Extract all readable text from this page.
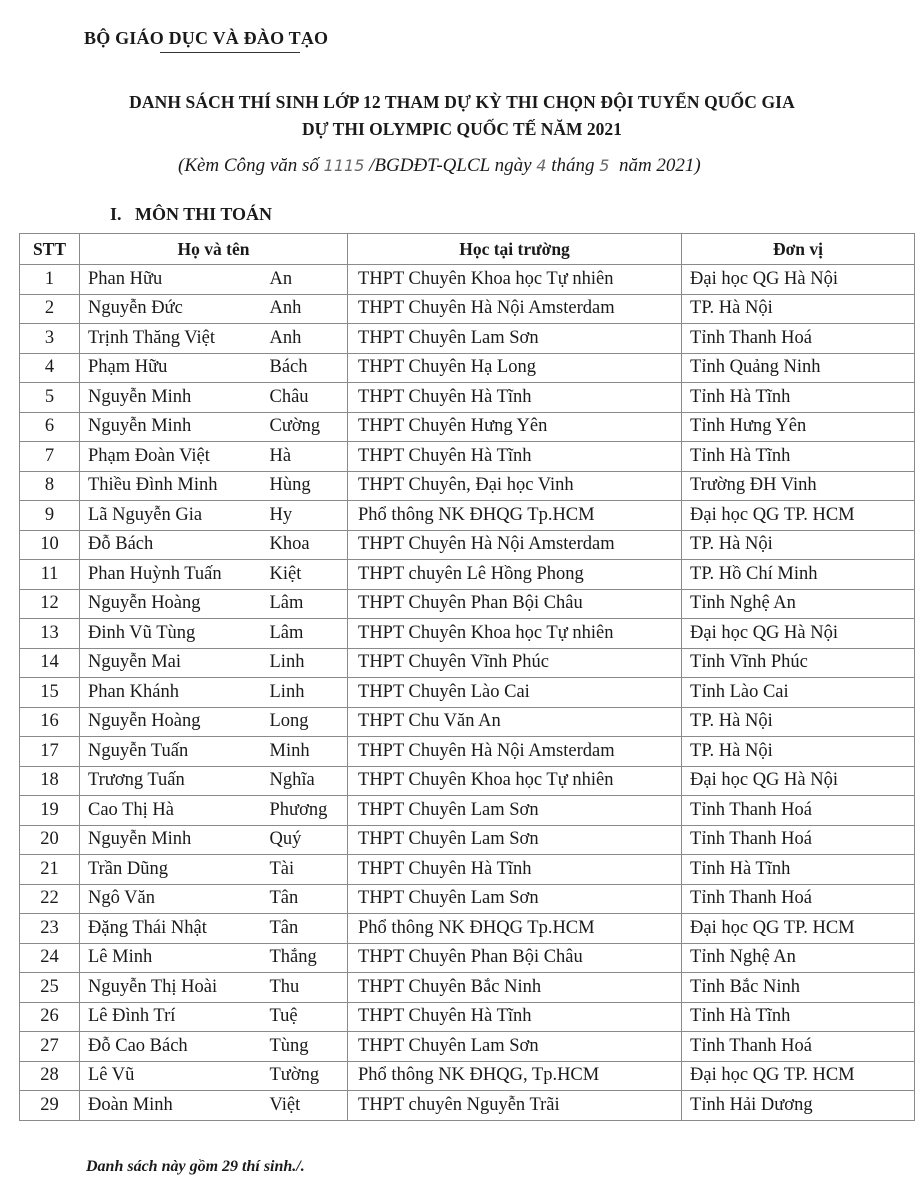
BỘ GIÁO DỤC VÀ ĐÀO TẠO
DANH SÁCH THÍ SINH LỚP 12 THAM DỰ KỲ THI CHỌN ĐỘI TUYỂN QUỐC GIA
DỰ THI OLYMPIC QUỐC TẾ NĂM 2021
(Kèm Công văn số 1115 /BGDĐT-QLCL ngày 4 tháng 5  năm 2021)
I.   MÔN THI TOÁN
STT	Họ và tên		Học tại trường	Đơn vị
1	Phan Hữu	An	THPT Chuyên Khoa học Tự nhiên	Đại học QG Hà Nội
2	Nguyễn Đức	Anh	THPT Chuyên Hà Nội Amsterdam	TP. Hà Nội
3	Trịnh Thăng Việt	Anh	THPT Chuyên Lam Sơn	Tỉnh Thanh Hoá
4	Phạm Hữu	Bách	THPT Chuyên Hạ Long	Tỉnh Quảng Ninh
5	Nguyễn Minh	Châu	THPT Chuyên Hà Tĩnh	Tỉnh Hà Tĩnh
6	Nguyễn Minh	Cường	THPT Chuyên Hưng Yên	Tỉnh Hưng Yên
7	Phạm Đoàn Việt	Hà	THPT Chuyên Hà Tĩnh	Tỉnh Hà Tĩnh
8	Thiều Đình Minh	Hùng	THPT Chuyên, Đại học Vinh	Trường ĐH Vinh
9	Lã Nguyễn Gia	Hy	Phổ thông NK ĐHQG Tp.HCM	Đại học QG TP. HCM
10	Đỗ Bách	Khoa	THPT Chuyên Hà Nội Amsterdam	TP. Hà Nội
11	Phan Huỳnh Tuấn	Kiệt	THPT chuyên Lê Hồng Phong	TP. Hồ Chí Minh
12	Nguyễn Hoàng	Lâm	THPT Chuyên Phan Bội Châu	Tỉnh Nghệ An
13	Đinh Vũ Tùng	Lâm	THPT Chuyên Khoa học Tự nhiên	Đại học QG Hà Nội
14	Nguyễn Mai	Linh	THPT Chuyên Vĩnh Phúc	Tỉnh Vĩnh Phúc
15	Phan Khánh	Linh	THPT Chuyên Lào Cai	Tỉnh Lào Cai
16	Nguyễn Hoàng	Long	THPT Chu Văn An	TP. Hà Nội
17	Nguyễn Tuấn	Minh	THPT Chuyên Hà Nội Amsterdam	TP. Hà Nội
18	Trương Tuấn	Nghĩa	THPT Chuyên Khoa học Tự nhiên	Đại học QG Hà Nội
19	Cao Thị Hà	Phương	THPT Chuyên Lam Sơn	Tỉnh Thanh Hoá
20	Nguyễn Minh	Quý	THPT Chuyên Lam Sơn	Tỉnh Thanh Hoá
21	Trần Dũng	Tài	THPT Chuyên Hà Tĩnh	Tỉnh Hà Tĩnh
22	Ngô Văn	Tân	THPT Chuyên Lam Sơn	Tỉnh Thanh Hoá
23	Đặng Thái Nhật	Tân	Phổ thông NK ĐHQG Tp.HCM	Đại học QG TP. HCM
24	Lê Minh	Thắng	THPT Chuyên Phan Bội Châu	Tỉnh Nghệ An
25	Nguyễn Thị Hoài	Thu	THPT Chuyên Bắc Ninh	Tỉnh Bắc Ninh
26	Lê Đình Trí	Tuệ	THPT Chuyên Hà Tĩnh	Tỉnh Hà Tĩnh
27	Đỗ Cao Bách	Tùng	THPT Chuyên Lam Sơn	Tỉnh Thanh Hoá
28	Lê Vũ	Tường	Phổ thông NK ĐHQG, Tp.HCM	Đại học QG TP. HCM
29	Đoàn Minh	Việt	THPT chuyên Nguyễn Trãi	Tỉnh Hải Dương
Danh sách này gồm 29 thí sinh./.
